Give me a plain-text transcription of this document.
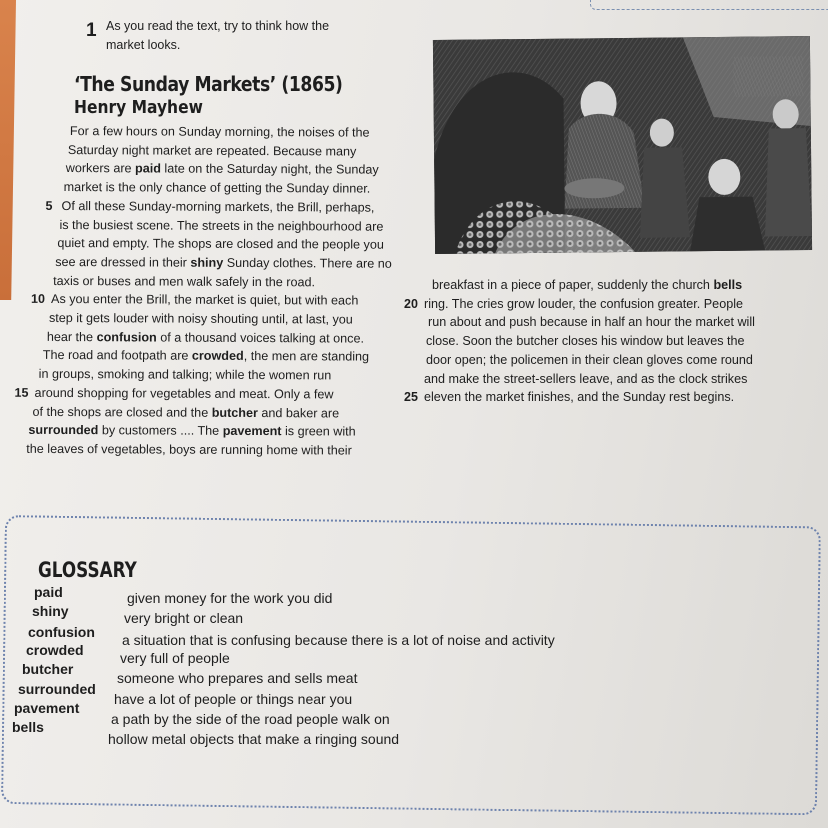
1 As you read the text, try to think how the
market looks.
‘The Sunday Markets’ (1865)
Henry Mayhew
For a few hours on Sunday morning, the noises of the
Saturday night market are repeated. Because many
workers are paid late on the Saturday night, the Sunday
market is the only chance of getting the Sunday dinner.
5 Of all these Sunday-morning markets, the Brill, perhaps,
is the busiest scene. The streets in the neighbourhood are
quiet and empty. The shops are closed and the people you
see are dressed in their shiny Sunday clothes. There are no
taxis or buses and men walk safely in the road.
10 As you enter the Brill, the market is quiet, but with each
step it gets louder with noisy shouting until, at last, you
hear the confusion of a thousand voices talking at once.
The road and footpath are crowded, the men are standing
in groups, smoking and talking; while the women run
15 around shopping for vegetables and meat. Only a few
of the shops are closed and the butcher and baker are
surrounded by customers .... The pavement is green with
the leaves of vegetables, boys are running home with their
breakfast in a piece of paper, suddenly the church bells
20 ring. The cries grow louder, the confusion greater. People
run about and push because in half an hour the market will
close. Soon the butcher closes his window but leaves the
door open; the policemen in their clean gloves come round
and make the street-sellers leave, and as the clock strikes
25 eleven the market finishes, and the Sunday rest begins.
GLOSSARY
paid	given money for the work you did
shiny	very bright or clean
confusion a situation that is confusing because there is a lot of noise and activity
crowded
very full of people
butcher
someone who prepares and sells meat
surrounded
have a lot of people or things near you
pavement
a path by the side of the road people walk on
bells
hollow metal objects that make a ringing sound
